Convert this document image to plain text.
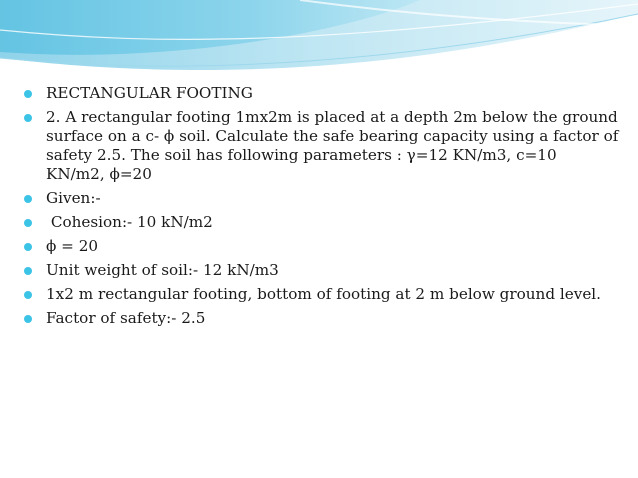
RECTANGULAR FOOTING
2. A rectangular footing 1mx2m is placed at a depth 2m below the ground surface on a c- ϕ soil. Calculate the safe bearing capacity using a factor of safety 2.5. The soil has following parameters : γ=12 KN/m3, c=10 KN/m2, ϕ=20
Given:-
Cohesion:- 10 kN/m2
ϕ = 20
Unit weight of soil:- 12 kN/m3
1x2 m rectangular footing, bottom of footing at 2 m below ground level.
Factor of safety:- 2.5
